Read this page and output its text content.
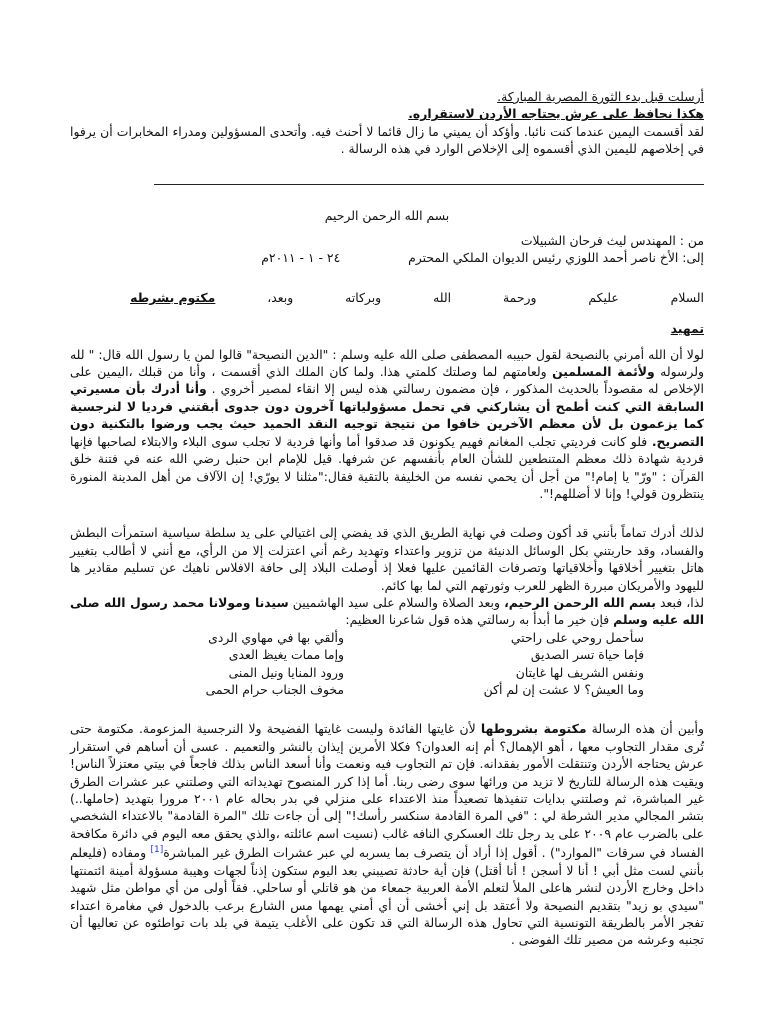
أرسلت قبل بدء الثورة المصرية المباركة.

هكذا نحافظ على عرش يحتاجه الأردن لاستقراره.

لقد أقسمت اليمين عندما كنت نائبا. وأؤكد أن يميني ما زال قائما لا أحنث فيه. وأتحدى المسؤولين ومدراء المخابرات أن يرفوا في إخلاصهم لليمين الذي أقسموه إلى الإخلاص الوارد في هذه الرسالة .

بسم الله الرحمن الرحيم

من : المهندس ليث فرحان الشبيلات

إلى: الأخ ناصر أحمد اللوزي رئيس الديوان الملكي المحترم  ٢٤ - ١ - ٢٠١١م

السلام
عليكم
ورحمة
الله
وبركاته
وبعد،
مكتوم بشرطه

تمهيد

لولا أن الله أمرني بالنصيحة لقول حبيبه المصطفى صلى الله عليه وسلم : "الدين النصيحة" قالوا لمن يا رسول الله قال: " لله ولرسوله ولأئمة المسلمين ولعامتهم لما وصلتك كلمتي هذا. ولما كان الملك الذي أقسمت ، وأنا من قبلك ،اليمين على الإخلاص له مقصوداً بالحديث المذكور ، فإن مضمون رسالتي هذه ليس إلا انقاء لمصير أخروي . وأنا أدرك بأن مسيرتي السابقة التي كنت أطمح أن يشاركني في تحمل مسؤولياتها آخرون دون جدوى أبقتني فرديا لا لنرجسية كما يزعمون بل لأن معظم الآخرين خافوا من نتيجة توجيه النقد الحميد حيث يجب ورضوا بالتكنية دون التصريح. فلو كانت فرديتي تجلب المغانم فهيم يكونون قد صدقوا أما وأنها فردية لا تجلب سوى البلاء والابتلاء لصاحبها فإنها فردية شهادة ذلك معظم المتنطعين للشأن العام بأنفسهم عن شرفها. قيل للإمام ابن حنبل رضي الله عنه في فتنة خلق القرآن : "ورّ" يا إمام!" من أجل أن يحمي نفسه من الخليفة بالتقية فقال:"مثلنا لا يورّي! إن الآلاف من أهل المدينة المنورة ينتظرون قولي! وإنا لا أضللهم!".

لذلك أدرك تماماً بأنني قد أكون وصلت في نهاية الطريق الذي قد يفضي إلى اغتيالي على يد سلطة سياسية استمرأت البطش والفساد، وقد حاربتني بكل الوسائل الدنيئة من تزوير واعتداء وتهديد رغم أني اعتزلت إلا من الرأي، مع أنني لا أطالب بتغيير هاتل بتغيير أخلاقها وأخلاقياتها وتصرفات القائمين عليها فعلا إذ أوصلت البلاد إلى حافة الافلاس ناهيك عن تسليم مقادير ها لليهود والأمريكان مبررة الظهر للعرب وثورتهم التي لما بها كائم.

لذا، فبعد بسم الله الرحمن الرحيم، وبعد الصلاة والسلام على سيد الهاشميين سيدنا ومولانا محمد رسول الله صلى الله عليه وسلم فإن خير ما أبدأ به رسالتي هذه قول شاعرنا العظيم:

سأحمل روحي على راحتي
وألقي بها في مهاوي الردى
فإما حياة تسر الصديق
وإما ممات يغيظ العدى
ونفس الشريف لها غايتان
ورود المنايا ونيل المنى
وما العيش؟ لا عشت إن لم أكن
مخوف الجناب حرام الحمى

وأبين أن هذه الرسالة مكتومة بشروطها لأن غايتها الفائدة وليست غايتها الفضيحة ولا النرجسية المزعومة. مكتومة حتى تُرى مقدار التجاوب معها ، أهو الإهمال؟ أم إنه العدوان؟ فكلا الأمرين إيذان بالنشر والتعميم . عسى أن أساهم في استقرار عرش يحتاجه الأردن وتنتقلت الأمور بفقدانه. فإن تم التجاوب فيه ونعمت وأنا أسعد الناس بذلك فاجعاً في بيتي معتزلاً الناس! ويقيت هذه الرسالة للتاريخ لا تزيد من ورائها سوى رضى ربنا. أما إذا كرر المنصوح تهديداته التي وصلتني عبر عشرات الطرق غير المباشرة، ثم وصلتني بدايات تنفيذها تصعيداً منذ الاعتداء على منزلي في بدر بحاله عام ٢٠٠١ مرورا بتهديد (حاملها..) بتشر المجالي مدير الشرطة لي : "في المرة القادمة سنكسر رأسك!" إلى أن جاءت تلك "المرة القادمة" بالاعتداء الشخصي على بالضرب عام ٢٠٠٩ على يد رجل تلك العسكري النافه غالب (نسيت اسم عائلته ،والذي يحقق معه اليوم في دائرة مكافحة الفساد في سرقات "الموارد") . أقول إذا أراد أن يتصرف بما يسربه لي عبر عشرات الطرق غير المباشرة[1] ومفاده (فليعلم بأنني لست مثل أبي ! أنا لا أسجن ! أنا أقتل) فإن أية حادثة تصيبني بعد اليوم ستكون إذناً لجهات وهيبة مسؤولة أمينة ائتمنتها داخل وخارج الأردن لنشر هاعلى الملأ لتعلم الأمة العربية جمعاء من هو قاتلي أو ساحلي. فقاً أولى من أي مواطن مثل شهيد "سيدي بو زيد" بتقديم النصيحة ولا أعتقد بل إني أخشى أن أي أمني يهمها مس الشارع برعب بالدخول في مغامرة اعتداء تفجر الأمر بالطريقة التونسية التي تحاول هذه الرسالة التي قد تكون على الأغلب يتيمة في بلد بات تواطئوه عن تعاليها أن تجنبه وعرشه من مصير تلك الفوضى .
